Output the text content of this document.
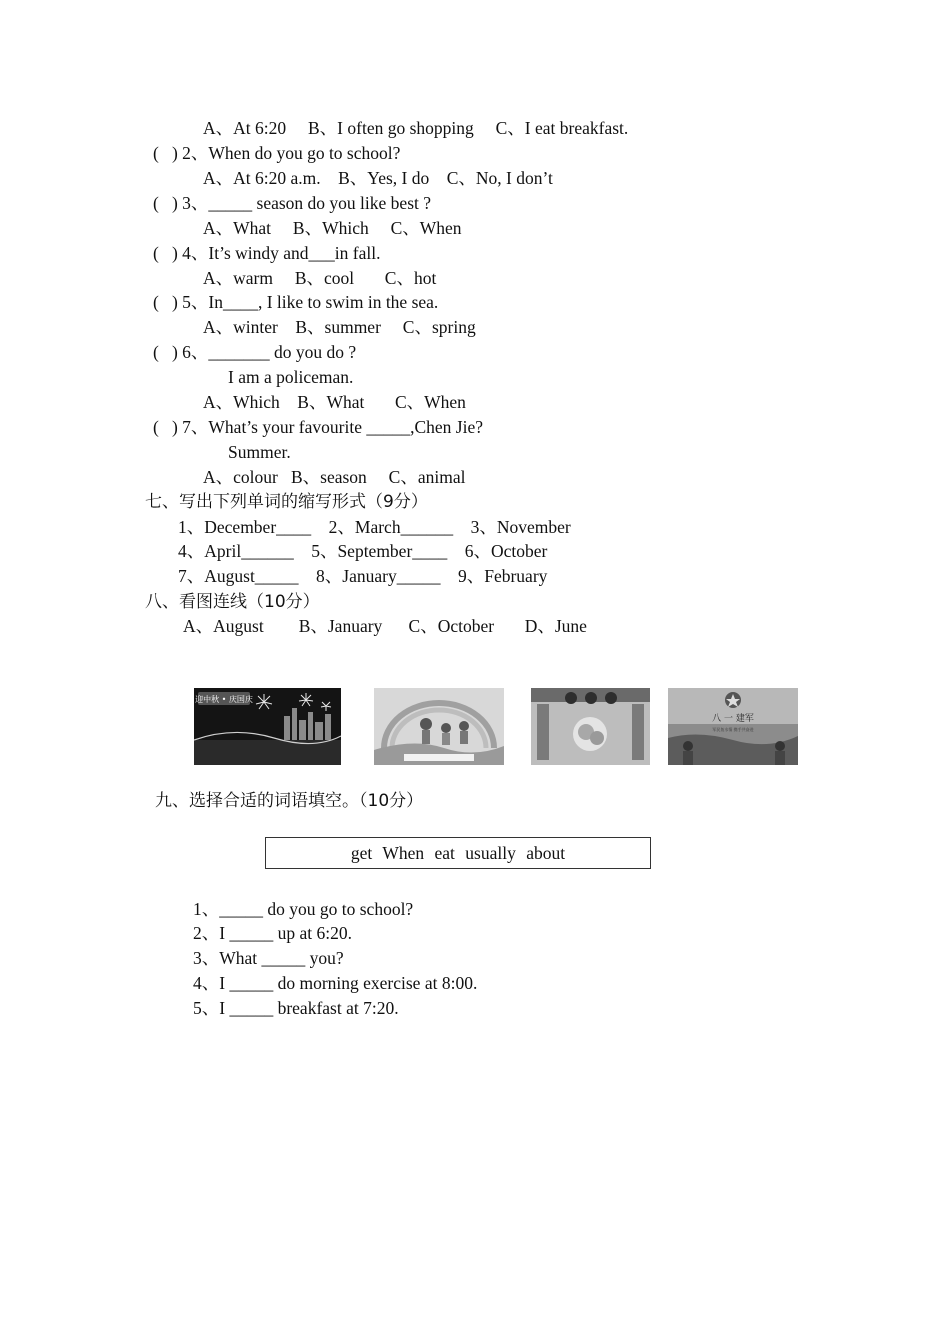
A、At 6:20     B、I often go shopping     C、I eat breakfast.
(   ) 2、When do you go to school?
A、At 6:20 a.m.    B、Yes, I do    C、No, I don’t
(   ) 3、_____ season do you like best ?
A、What     B、Which     C、When
(   ) 4、It’s windy and___in fall.
A、warm     B、cool       C、hot
(   ) 5、In____, I like to swim in the sea.
A、winter    B、summer     C、spring
(   ) 6、_______ do you do ?
I am a policeman.
A、Which    B、What       C、When
(   ) 7、What’s your favourite _____,Chen Jie?
Summer.
A、colour   B、season     C、animal
七、写出下列单词的缩写形式（9分）
1、December____    2、March______    3、November
4、April______    5、September____    6、October
7、August_____    8、January_____    9、February
八、看图连线（10分）
A、August        B、January      C、October       D、June
迎中秋 • 庆国庆
八 一 建军
军民鱼水情 携手共奋进
九、选择合适的词语填空。（10分）
get When eat usually about
1、_____ do you go to school?
2、I _____ up at 6:20.
3、What _____ you?
4、I _____ do morning exercise at 8:00.
5、I _____ breakfast at 7:20.
